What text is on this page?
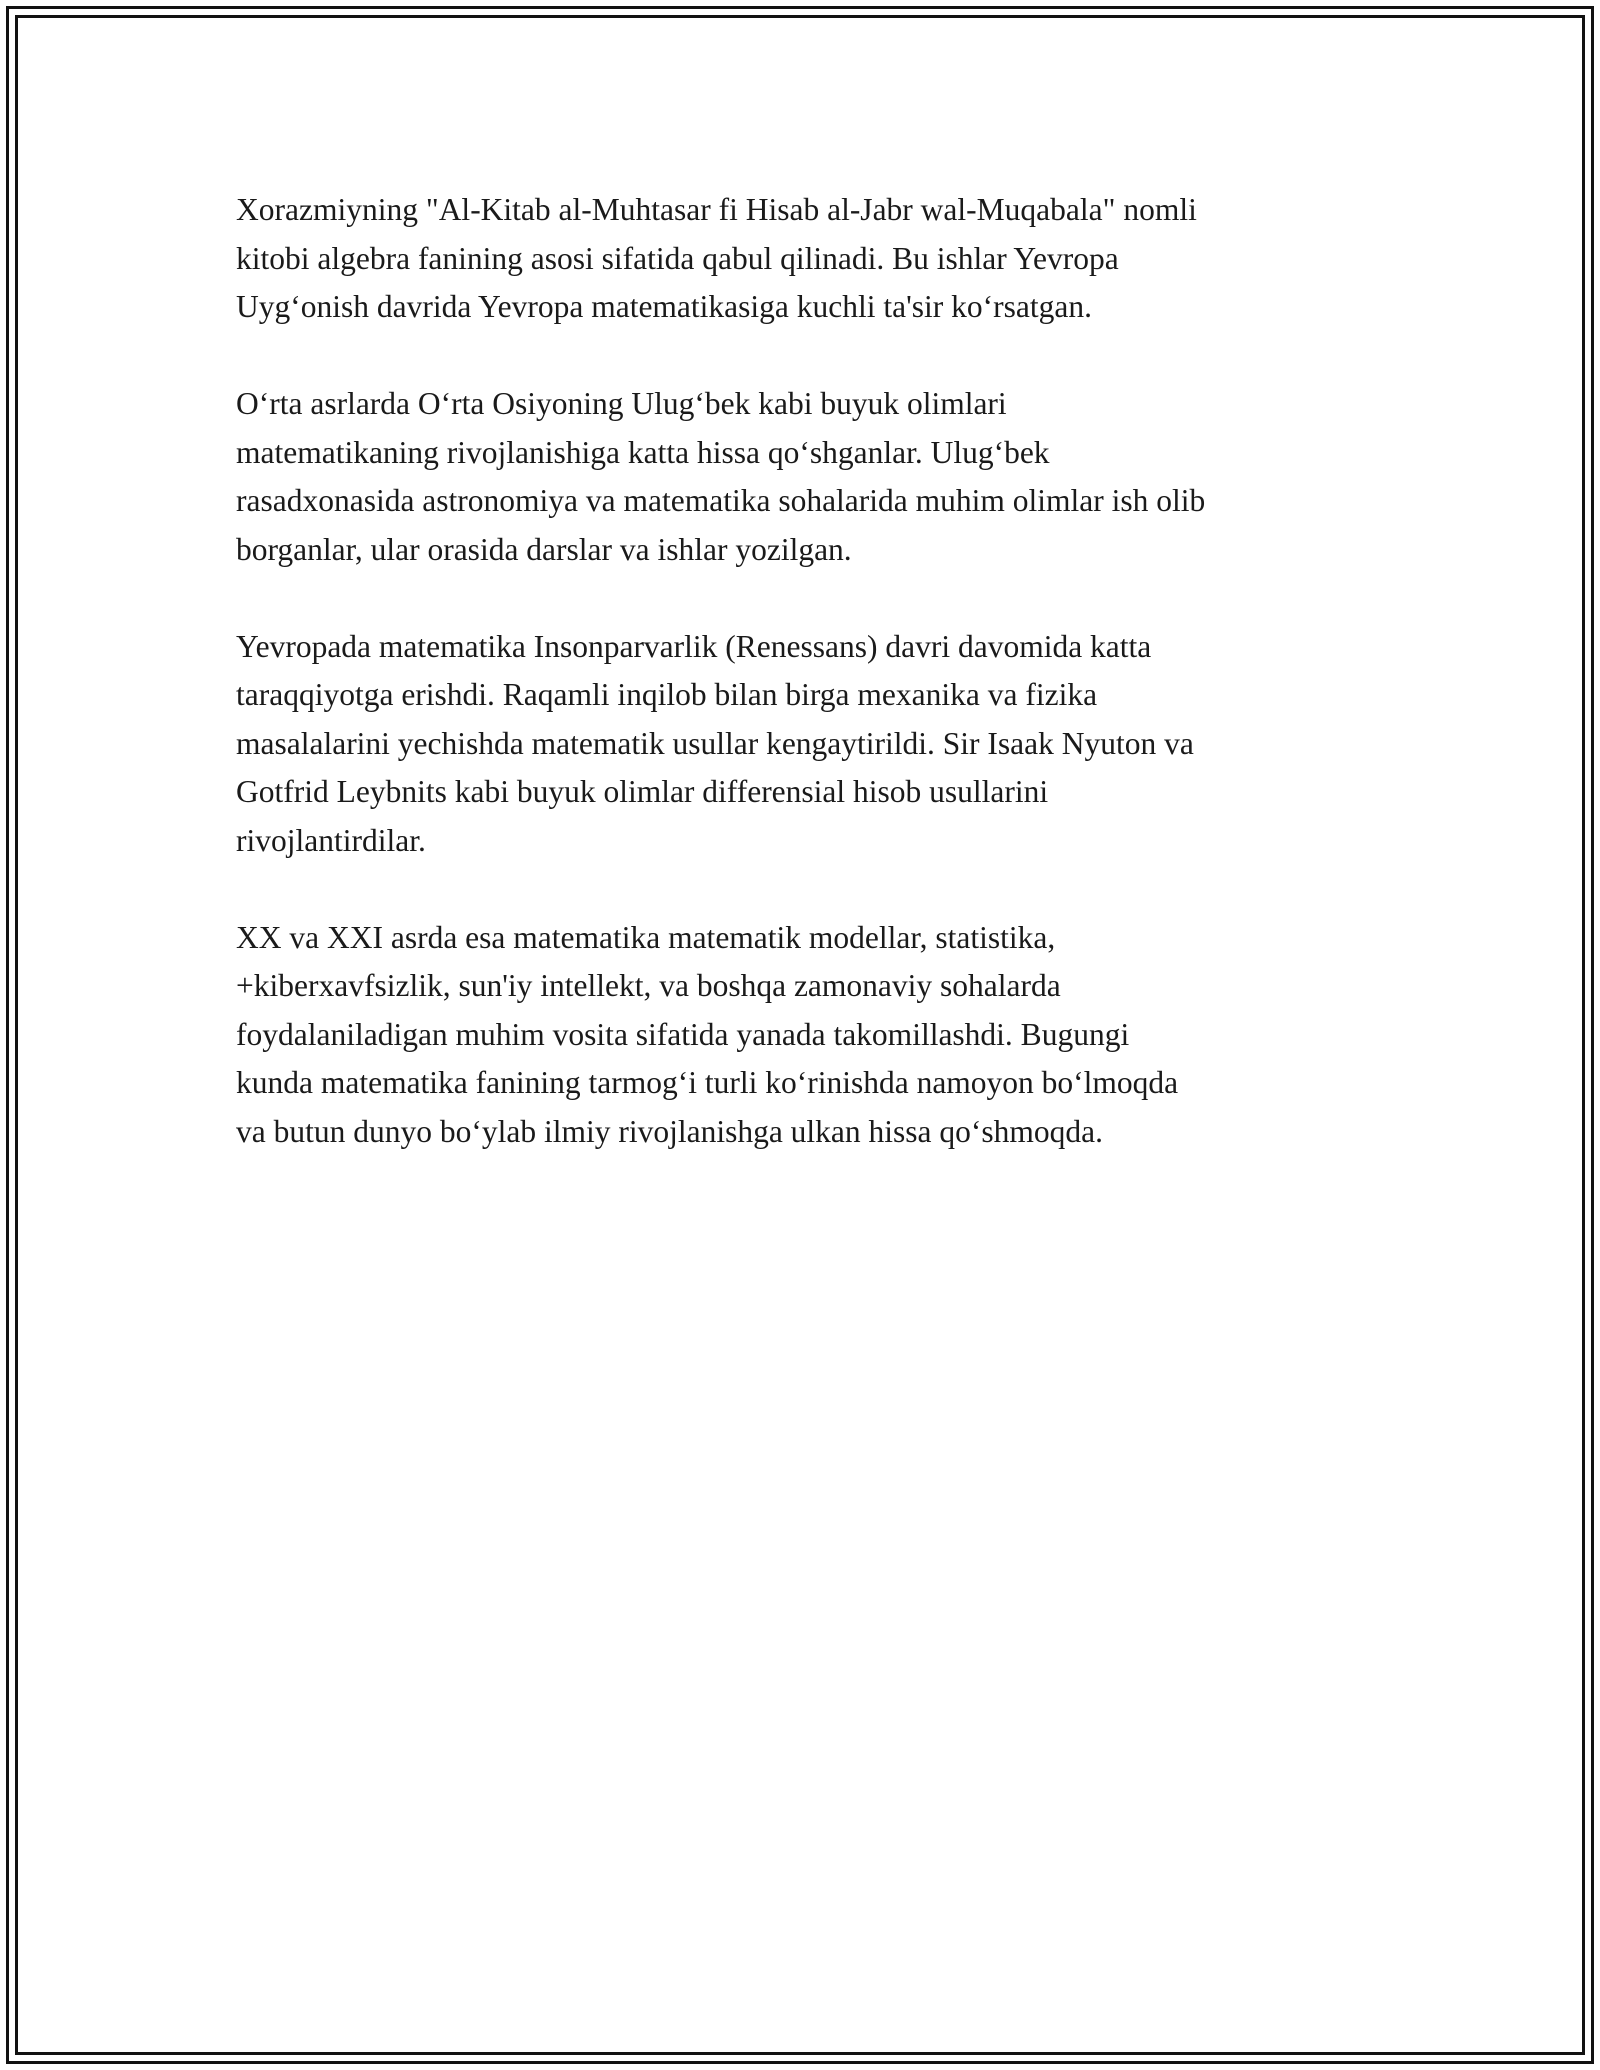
Xorazmiyning "Al-Kitab al-Muhtasar fi Hisab al-Jabr wal-Muqabala" nomli
kitobi algebra fanining asosi sifatida qabul qilinadi. Bu ishlar Yevropa
Uyg‘onish davrida Yevropa matematikasiga kuchli ta'sir ko‘rsatgan.

O‘rta asrlarda O‘rta Osiyoning Ulug‘bek kabi buyuk olimlari
matematikaning rivojlanishiga katta hissa qo‘shganlar. Ulug‘bek
rasadxonasida astronomiya va matematika sohalarida muhim olimlar ish olib
borganlar, ular orasida darslar va ishlar yozilgan.

Yevropada matematika Insonparvarlik (Renessans) davri davomida katta
taraqqiyotga erishdi. Raqamli inqilob bilan birga mexanika va fizika
masalalarini yechishda matematik usullar kengaytirildi. Sir Isaak Nyuton va
Gotfrid Leybnits kabi buyuk olimlar differensial hisob usullarini
rivojlantirdilar.

XX va XXI asrda esa matematika matematik modellar, statistika,
+kiberxavfsizlik, sun'iy intellekt, va boshqa zamonaviy sohalarda
foydalaniladigan muhim vosita sifatida yanada takomillashdi. Bugungi
kunda matematika fanining tarmog‘i turli ko‘rinishda namoyon bo‘lmoqda
va butun dunyo bo‘ylab ilmiy rivojlanishga ulkan hissa qo‘shmoqda.
